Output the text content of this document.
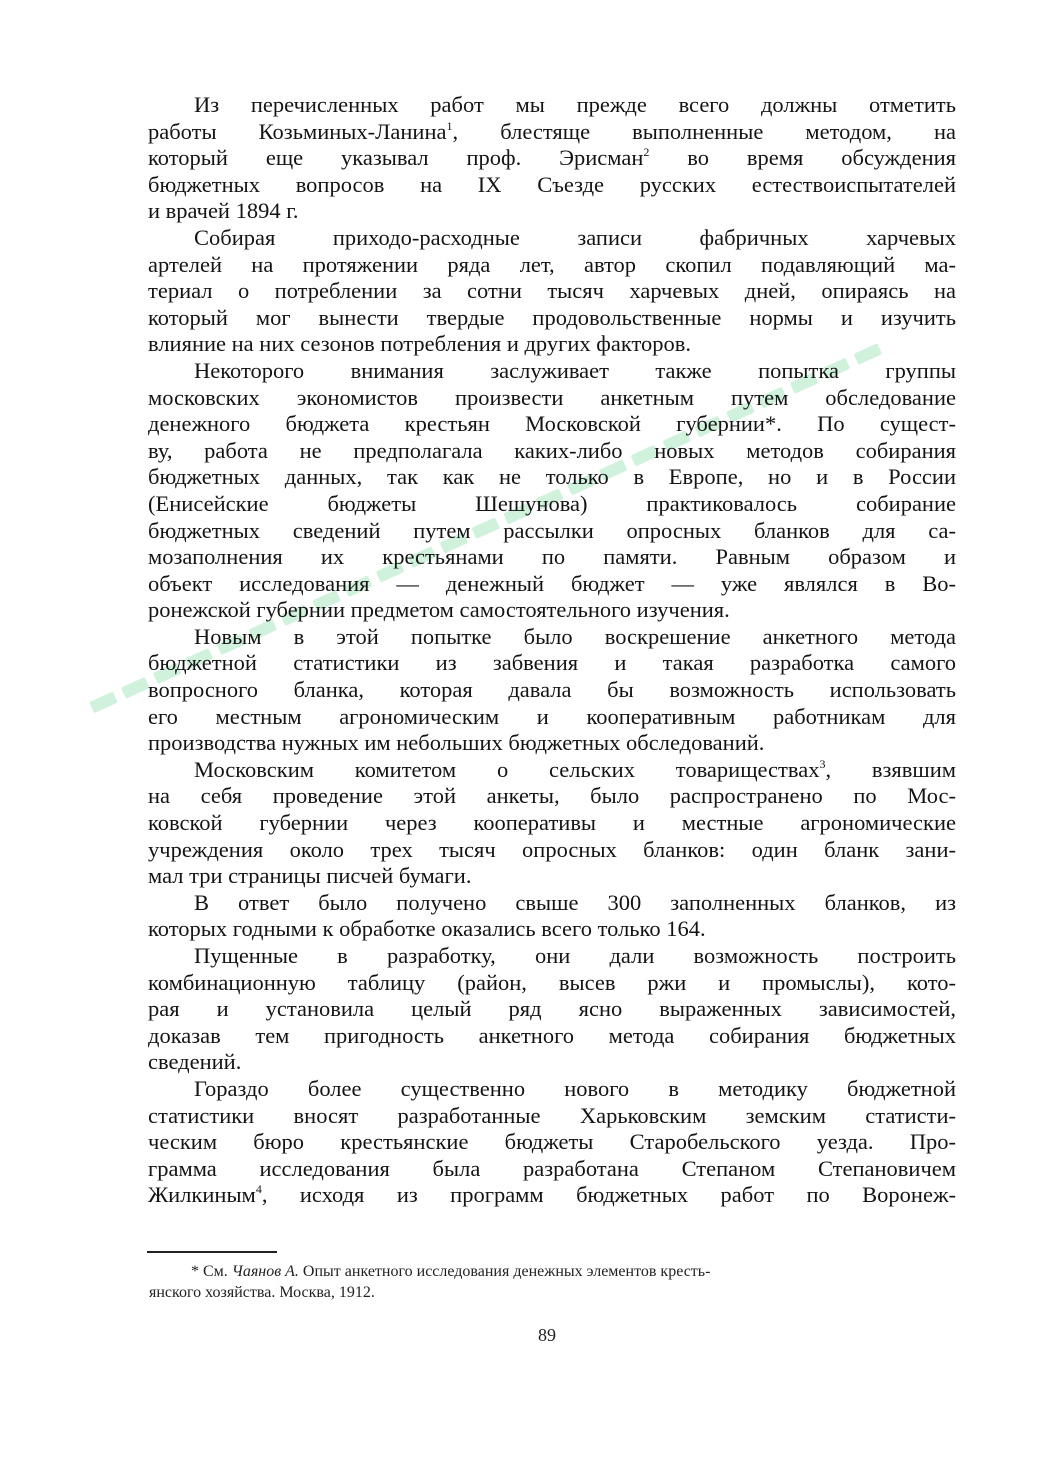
Из перечисленных работ мы прежде всего должны отметить
работы Козьминых-Ланина$^1$, блестяще выполненные методом, на
который еще указывал проф. Эрисман$^2$ во время обсуждения
бюджетных вопросов на IX Съезде русских естествоиспытателей
и врачей 1894 г.

Собирая приходо-расходные записи фабричных харчевых
артелей на протяжении ряда лет, автор скопил подавляющий ма-
териал о потреблении за сотни тысяч харчевых дней, опираясь на
который мог вынести твердые продовольственные нормы и изучить
влияние на них сезонов потребления и других факторов.

Некоторого внимания заслуживает также попытка группы
московских экономистов произвести анкетным путем обследование
денежного бюджета крестьян Московской губернии*. По сущест-
ву, работа не предполагала каких-либо новых методов собирания
бюджетных данных, так как не только в Европе, но и в России
(Енисейские бюджеты Шешунова) практиковалось собирание
бюджетных сведений путем рассылки опросных бланков для са-
мозаполнения их крестьянами по памяти. Равным образом и
объект исследования — денежный бюджет — уже являлся в Во-
ронежской губернии предметом самостоятельного изучения.

Новым в этой попытке было воскрешение анкетного метода
бюджетной статистики из забвения и такая разработка самого
вопросного бланка, которая давала бы возможность использовать
его местным агрономическим и кооперативным работникам для
производства нужных им небольших бюджетных обследований.

Московским комитетом о сельских товариществах$^3$, взявшим
на себя проведение этой анкеты, было распространено по Мос-
ковской губернии через кооперативы и местные агрономические
учреждения около трех тысяч опросных бланков: один бланк зани-
мал три страницы писчей бумаги.

В ответ было получено свыше 300 заполненных бланков, из
которых годными к обработке оказались всего только 164.

Пущенные в разработку, они дали возможность построить
комбинационную таблицу (район, высев ржи и промыслы), кото-
рая и установила целый ряд ясно выраженных зависимостей,
доказав тем пригодность анкетного метода собирания бюджетных
сведений.

Гораздо более существенно нового в методику бюджетной
статистики вносят разработанные Харьковским земским статисти-
ческим бюро крестьянские бюджеты Старобельского уезда. Про-
грамма исследования была разработана Степаном Степановичем
Жилкиным$^4$, исходя из программ бюджетных работ по Воронеж-

* См. Чаянов А. Опыт анкетного исследования денежных элементов кресть-
янского хозяйства. Москва, 1912.
89
